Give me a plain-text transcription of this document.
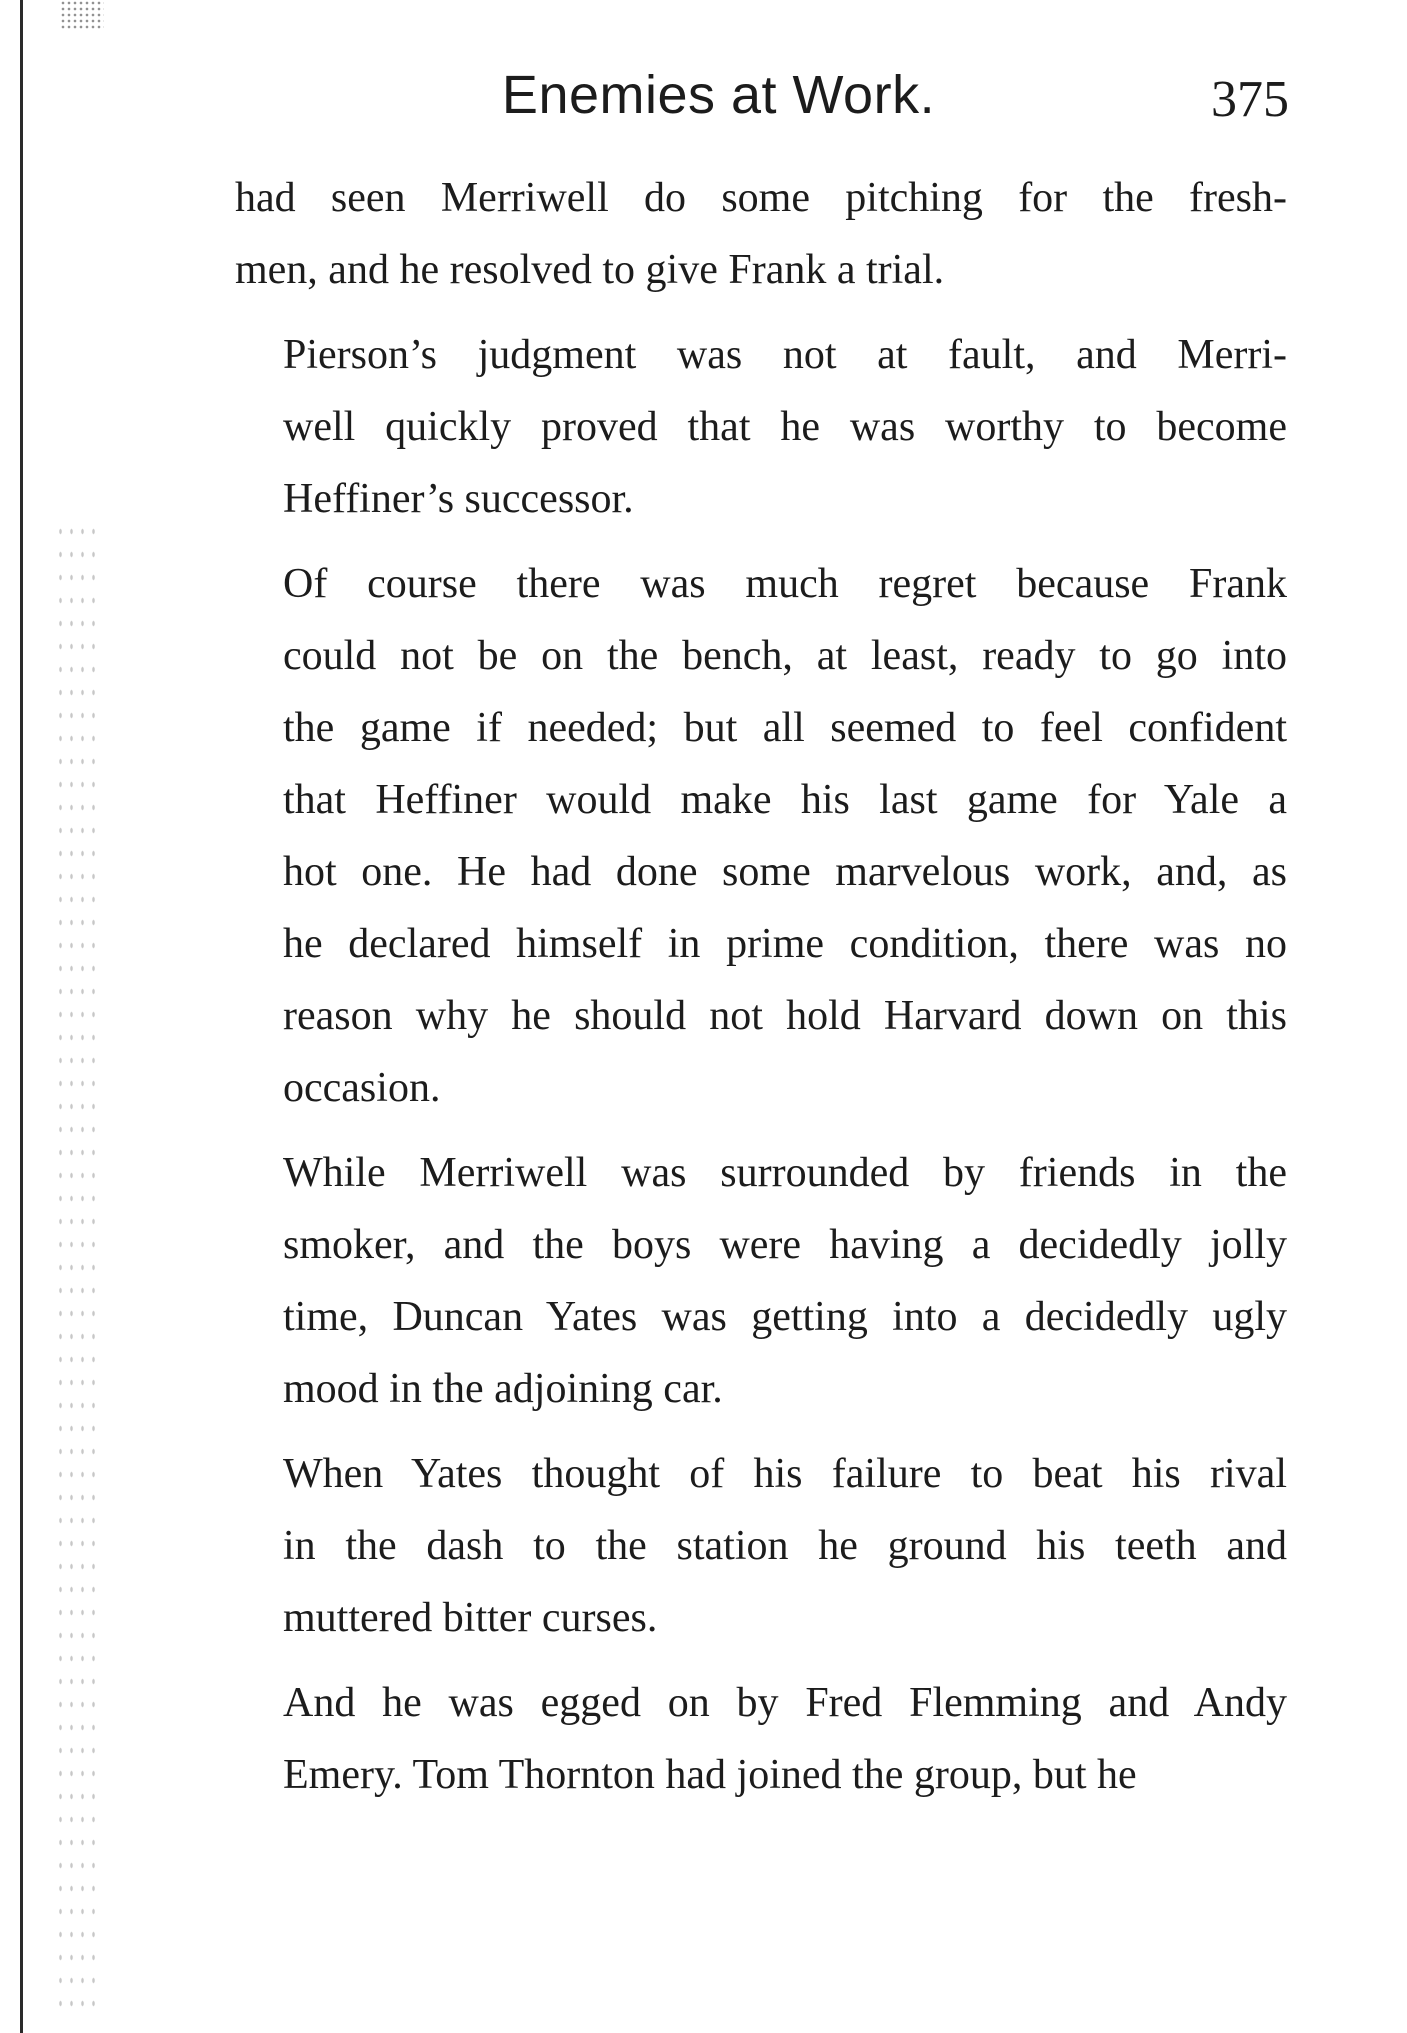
Enemies at Work.	375
had seen Merriwell do some pitching for the fresh-
men, and he resolved to give Frank a trial.
Pierson’s judgment was not at fault, and Merri-
well quickly proved that he was worthy to become
Heffiner’s successor.
Of course there was much regret because Frank
could not be on the bench, at least, ready to go into
the game if needed; but all seemed to feel confident
that Heffiner would make his last game for Yale a
hot one. He had done some marvelous work, and, as
he declared himself in prime condition, there was no
reason why he should not hold Harvard down on this
occasion.
While Merriwell was surrounded by friends in the
smoker, and the boys were having a decidedly jolly
time, Duncan Yates was getting into a decidedly ugly
mood in the adjoining car.
When Yates thought of his failure to beat his rival
in the dash to the station he ground his teeth and
muttered bitter curses.
And he was egged on by Fred Flemming and Andy
Emery. Tom Thornton had joined the group, but he
